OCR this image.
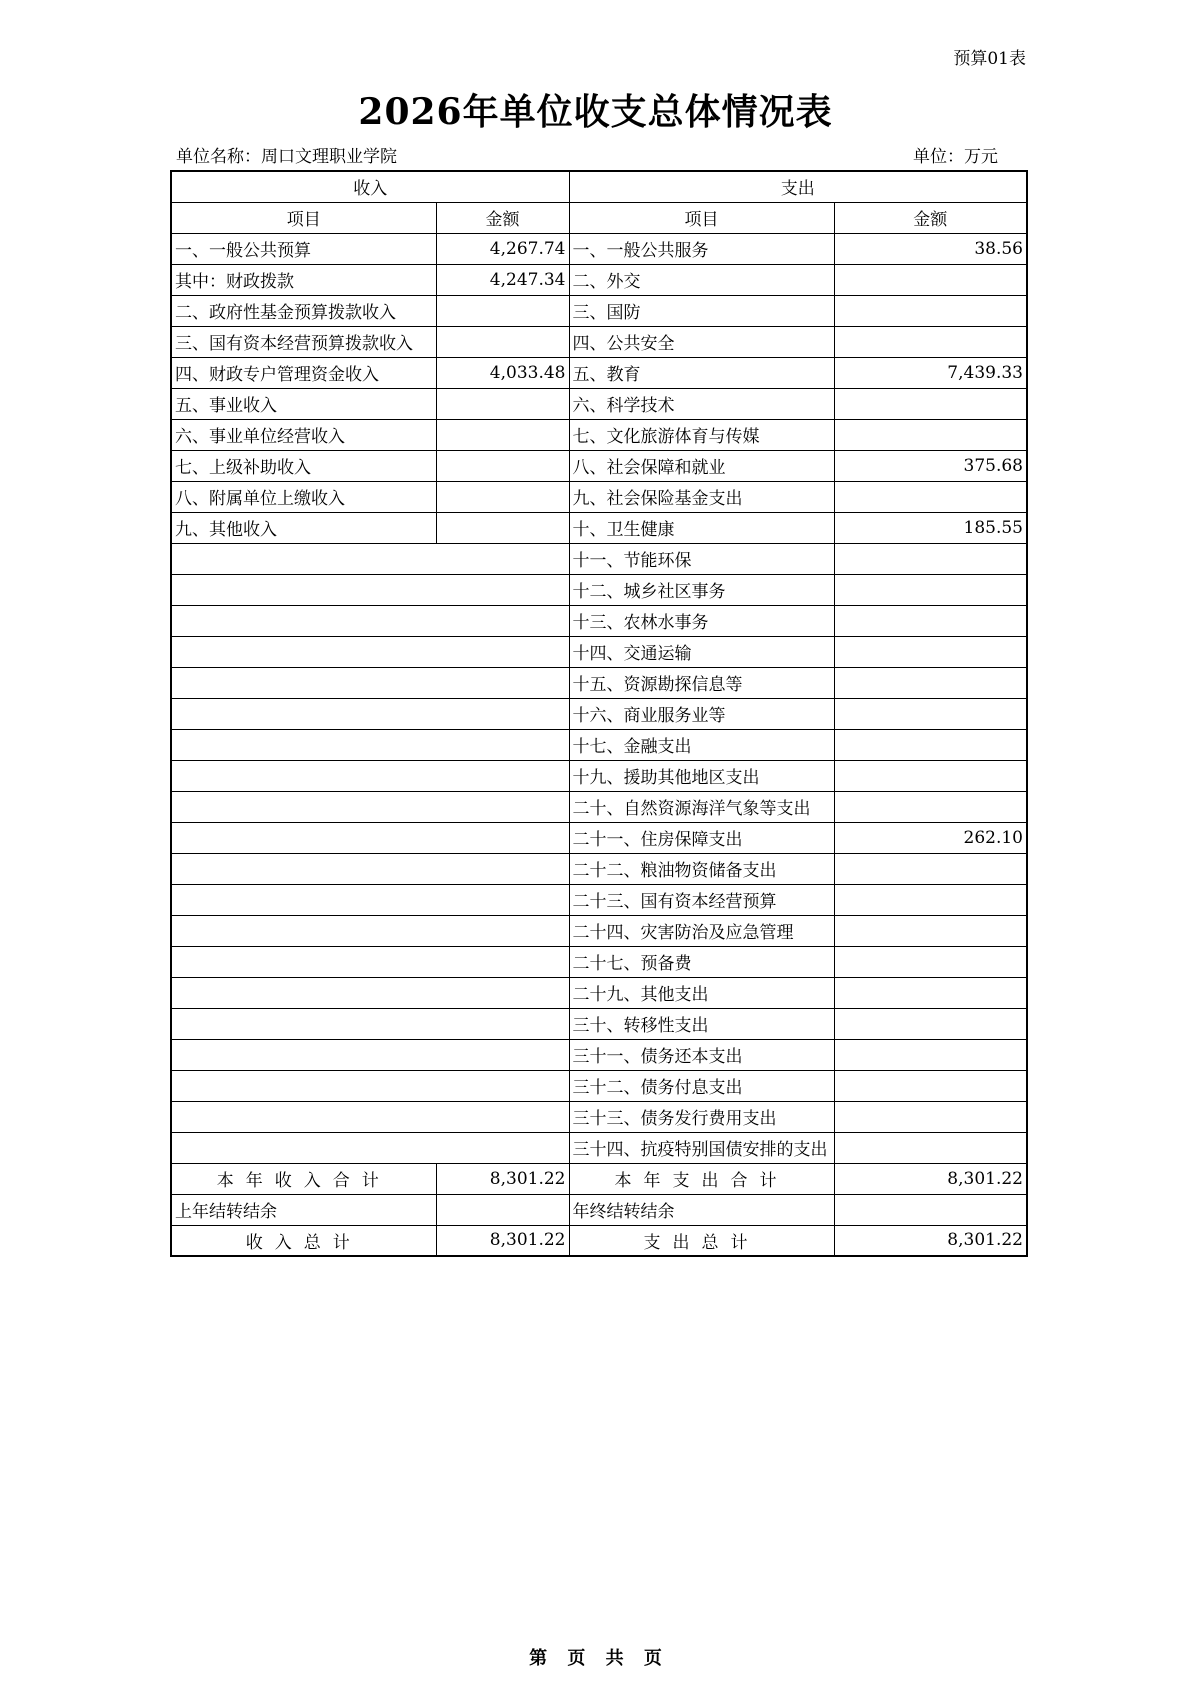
预算01表
2026年单位收支总体情况表
单位名称：周口文理职业学院	单位：万元
收入		支出	
项目	金额	项目	金额
一、一般公共预算	4,267.74	一、一般公共服务	38.56
其中：财政拨款	4,247.34	二、外交	
二、政府性基金预算拨款收入		三、国防	
三、国有资本经营预算拨款收入		四、公共安全	
四、财政专户管理资金收入	4,033.48	五、教育	7,439.33
五、事业收入		六、科学技术	
六、事业单位经营收入		七、文化旅游体育与传媒	
七、上级补助收入		八、社会保障和就业	375.68
八、附属单位上缴收入		九、社会保险基金支出	
九、其他收入		十、卫生健康	185.55
		十一、节能环保	
		十二、城乡社区事务	
		十三、农林水事务	
		十四、交通运输	
		十五、资源勘探信息等	
		十六、商业服务业等	
		十七、金融支出	
		十九、援助其他地区支出	
		二十、自然资源海洋气象等支出	
		二十一、住房保障支出	262.10
		二十二、粮油物资储备支出	
		二十三、国有资本经营预算	
		二十四、灾害防治及应急管理	
		二十七、预备费	
		二十九、其他支出	
		三十、转移性支出	
		三十一、债务还本支出	
		三十二、债务付息支出	
		三十三、债务发行费用支出	
		三十四、抗疫特别国债安排的支出	
本年收入合计	8,301.22	本年支出合计	8,301.22
上年结转结余		年终结转结余	
收入总计	8,301.22	支出总计	8,301.22
第 页 共 页
